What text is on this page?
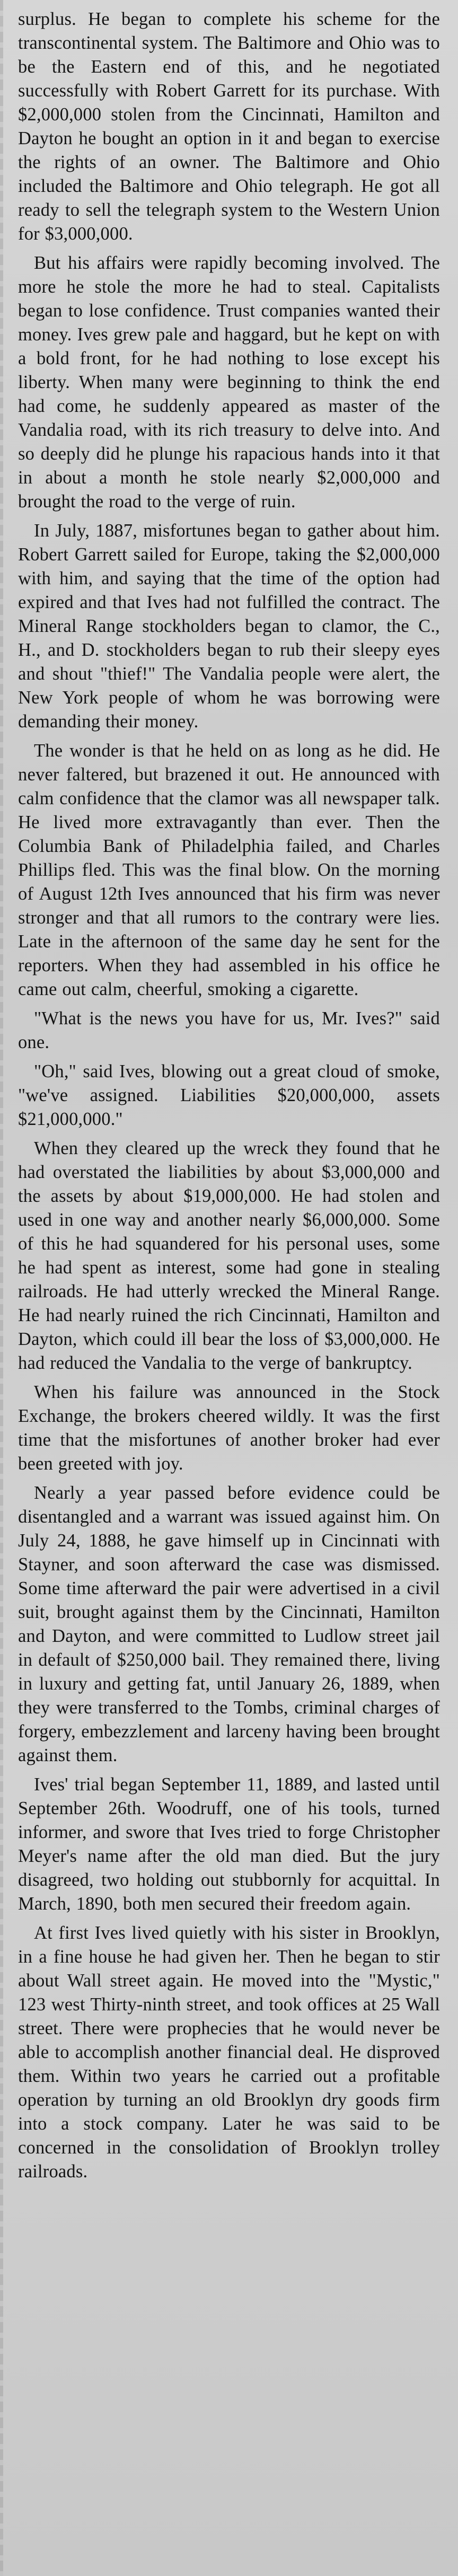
surplus. He began to complete his scheme for the transcontinental system. The Baltimore and Ohio was to be the Eastern end of this, and he negotiated successfully with Robert Garrett for its purchase. With $2,000,000 stolen from the Cincinnati, Hamilton and Dayton he bought an option in it and began to exercise the rights of an owner. The Baltimore and Ohio included the Baltimore and Ohio telegraph. He got all ready to sell the telegraph system to the Western Union for $3,000,000.

But his affairs were rapidly becoming involved. The more he stole the more he had to steal. Capitalists began to lose confidence. Trust companies wanted their money. Ives grew pale and haggard, but he kept on with a bold front, for he had nothing to lose except his liberty. When many were beginning to think the end had come, he suddenly appeared as master of the Vandalia road, with its rich treasury to delve into. And so deeply did he plunge his rapacious hands into it that in about a month he stole nearly $2,000,000 and brought the road to the verge of ruin.

In July, 1887, misfortunes began to gather about him. Robert Garrett sailed for Europe, taking the $2,000,000 with him, and saying that the time of the option had expired and that Ives had not fulfilled the contract. The Mineral Range stockholders began to clamor, the C., H., and D. stockholders began to rub their sleepy eyes and shout "thief!" The Vandalia people were alert, the New York people of whom he was borrowing were demanding their money.

The wonder is that he held on as long as he did. He never faltered, but brazened it out. He announced with calm confidence that the clamor was all newspaper talk. He lived more extravagantly than ever. Then the Columbia Bank of Philadelphia failed, and Charles Phillips fled. This was the final blow. On the morning of August 12th Ives announced that his firm was never stronger and that all rumors to the contrary were lies. Late in the afternoon of the same day he sent for the reporters. When they had assembled in his office he came out calm, cheerful, smoking a cigarette.

"What is the news you have for us, Mr. Ives?" said one.

"Oh," said Ives, blowing out a great cloud of smoke, "we've assigned. Liabilities $20,000,000, assets $21,000,000."

When they cleared up the wreck they found that he had overstated the liabilities by about $3,000,000 and the assets by about $19,000,000. He had stolen and used in one way and another nearly $6,000,000. Some of this he had squandered for his personal uses, some he had spent as interest, some had gone in stealing railroads. He had utterly wrecked the Mineral Range. He had nearly ruined the rich Cincinnati, Hamilton and Dayton, which could ill bear the loss of $3,000,000. He had reduced the Vandalia to the verge of bankruptcy.

When his failure was announced in the Stock Exchange, the brokers cheered wildly. It was the first time that the misfortunes of another broker had ever been greeted with joy.

Nearly a year passed before evidence could be disentangled and a warrant was issued against him. On July 24, 1888, he gave himself up in Cincinnati with Stayner, and soon afterward the case was dismissed. Some time afterward the pair were advertised in a civil suit, brought against them by the Cincinnati, Hamilton and Dayton, and were committed to Ludlow street jail in default of $250,000 bail. They remained there, living in luxury and getting fat, until January 26, 1889, when they were transferred to the Tombs, criminal charges of forgery, embezzlement and larceny having been brought against them.

Ives' trial began September 11, 1889, and lasted until September 26th. Woodruff, one of his tools, turned informer, and swore that Ives tried to forge Christopher Meyer's name after the old man died. But the jury disagreed, two holding out stubbornly for acquittal. In March, 1890, both men secured their freedom again.

At first Ives lived quietly with his sister in Brooklyn, in a fine house he had given her. Then he began to stir about Wall street again. He moved into the "Mystic," 123 west Thirty-ninth street, and took offices at 25 Wall street. There were prophecies that he would never be able to accomplish another financial deal. He disproved them. Within two years he carried out a profitable operation by turning an old Brooklyn dry goods firm into a stock company. Later he was said to be concerned in the consolidation of Brooklyn trolley railroads.
